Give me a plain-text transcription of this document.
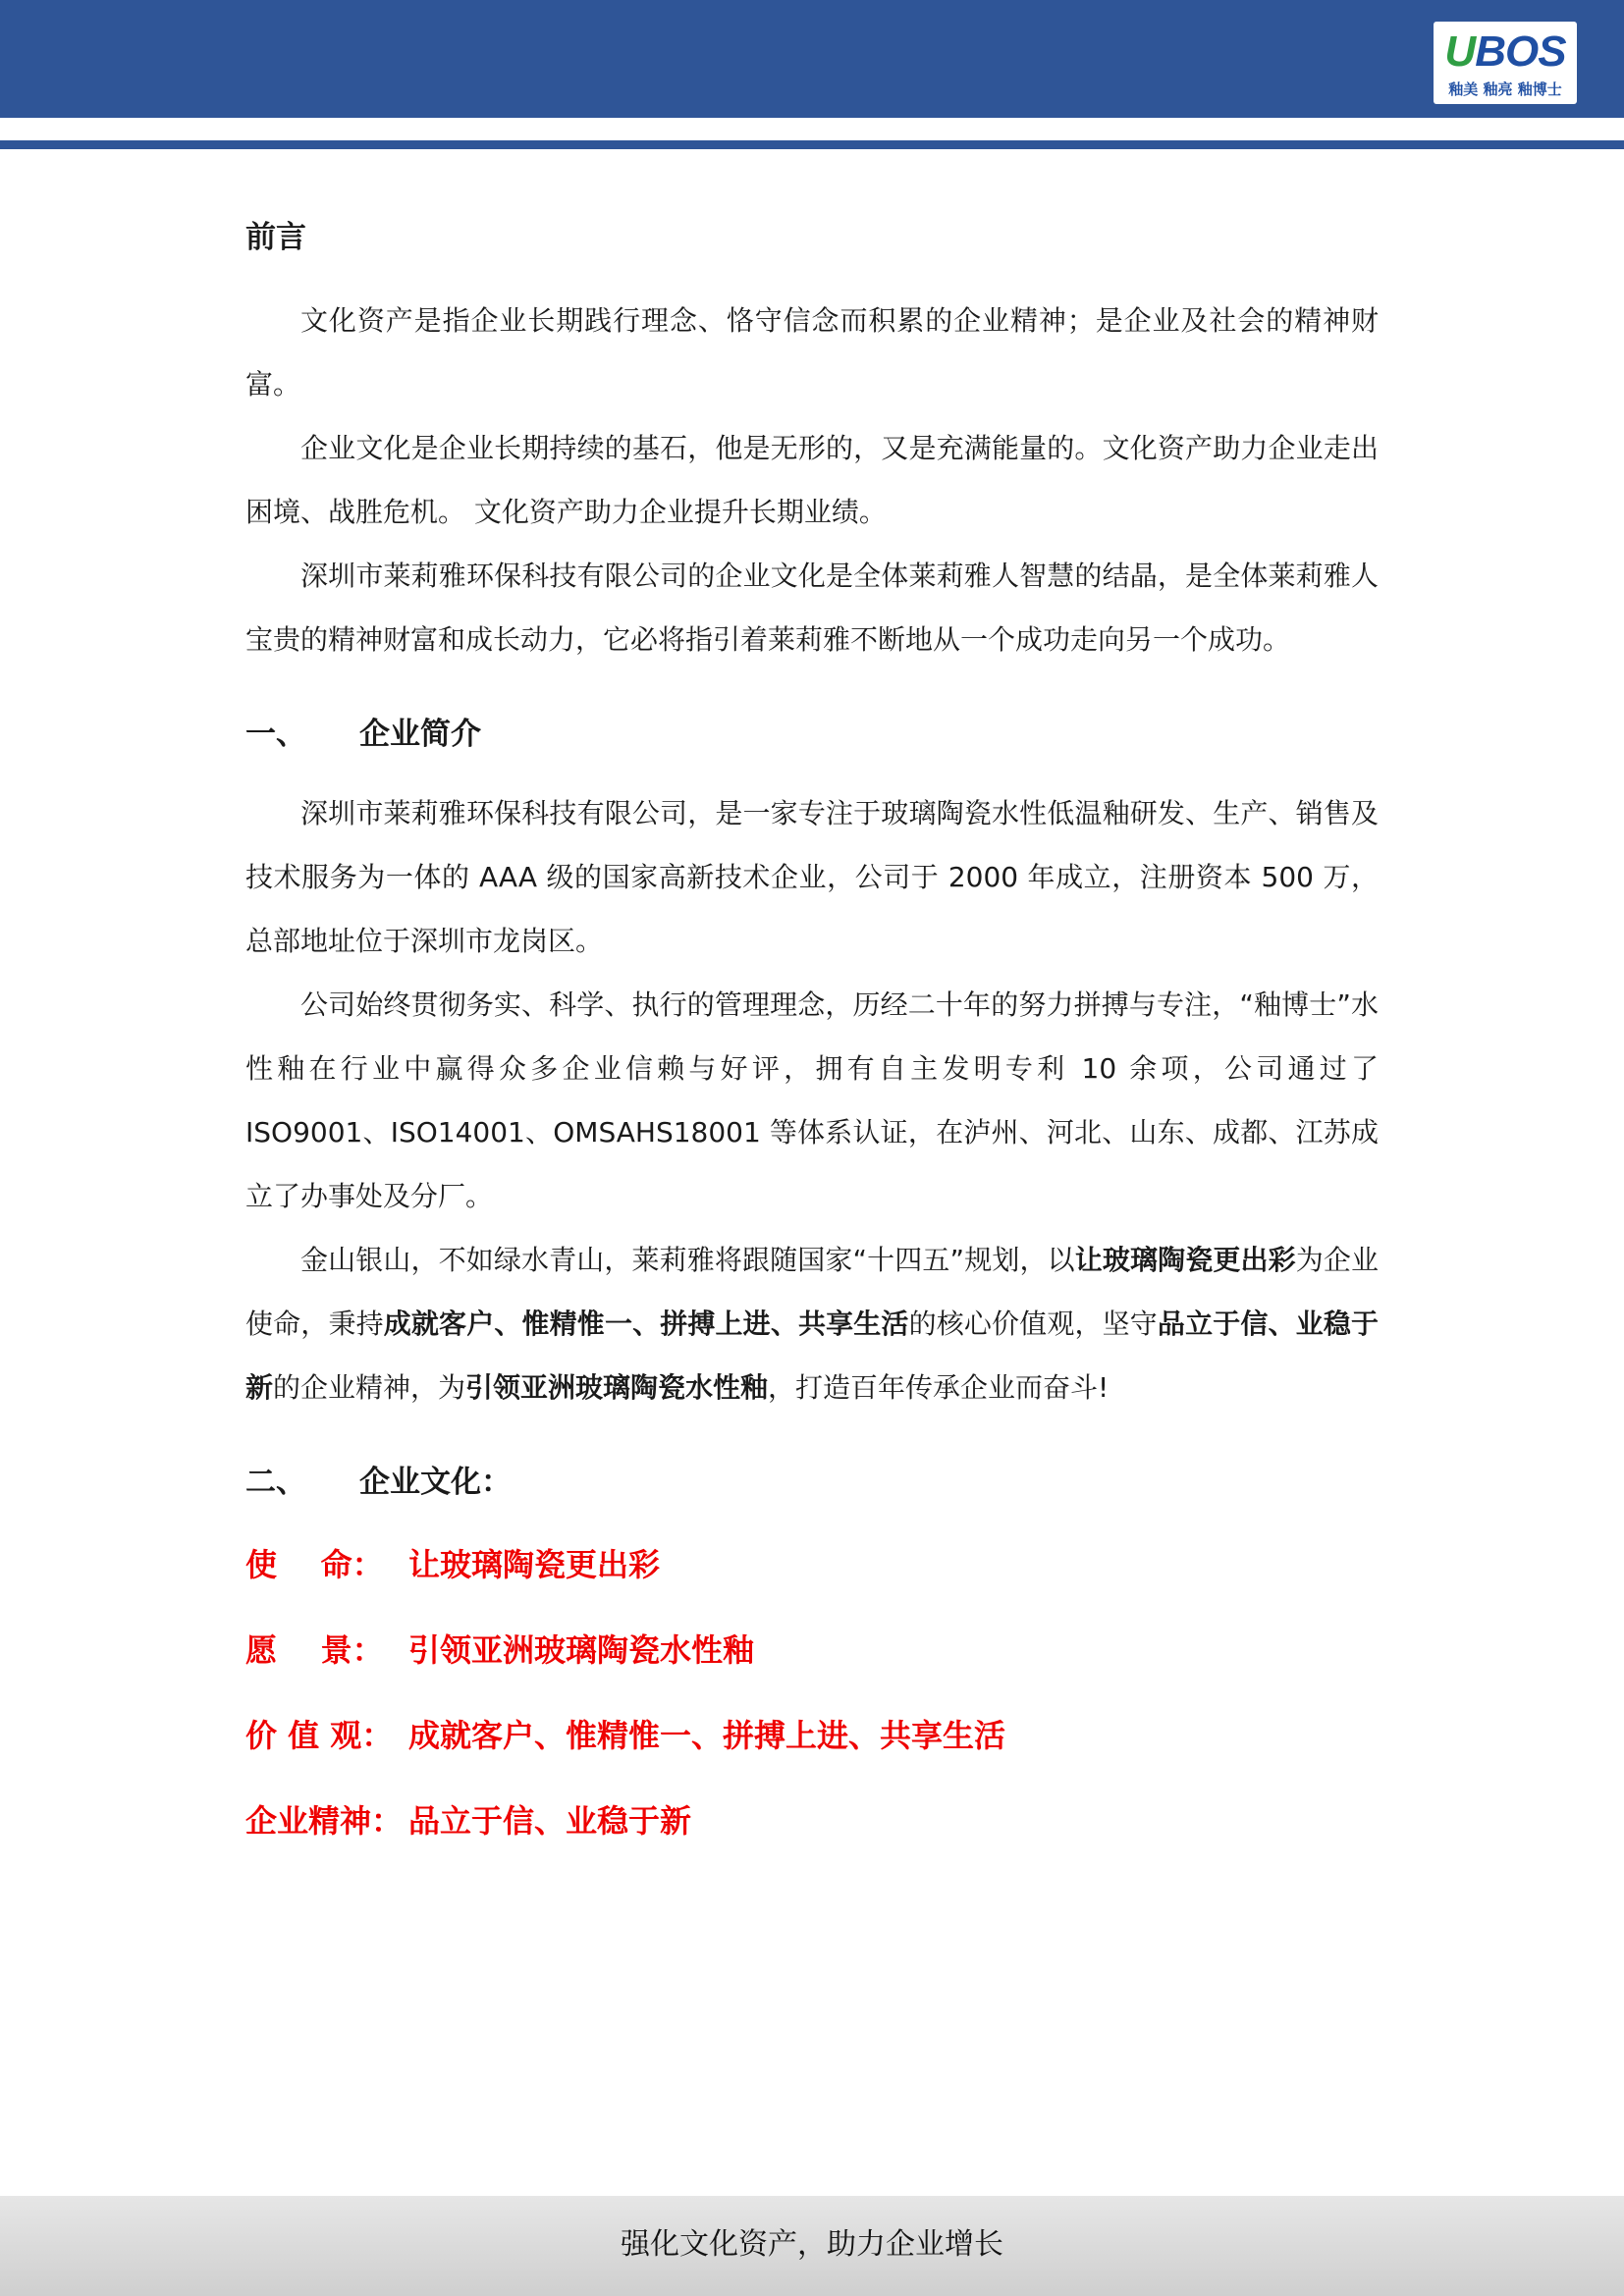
UBOS
釉美 釉亮 釉博士

前言

文化资产是指企业长期践行理念、恪守信念而积累的企业精神；是企业及社会的精神财富。

企业文化是企业长期持续的基石，他是无形的，又是充满能量的。文化资产助力企业走出困境、战胜危机。 文化资产助力企业提升长期业绩。

深圳市莱莉雅环保科技有限公司的企业文化是全体莱莉雅人智慧的结晶，是全体莱莉雅人宝贵的精神财富和成长动力，它必将指引着莱莉雅不断地从一个成功走向另一个成功。

一、	企业简介

深圳市莱莉雅环保科技有限公司，是一家专注于玻璃陶瓷水性低温釉研发、生产、销售及技术服务为一体的 AAA 级的国家高新技术企业，公司于 2000 年成立，注册资本 500 万，总部地址位于深圳市龙岗区。

公司始终贯彻务实、科学、执行的管理理念，历经二十年的努力拼搏与专注，“釉博士”水性釉在行业中赢得众多企业信赖与好评，拥有自主发明专利 10 余项，公司通过了 ISO9001、ISO14001、OMSAHS18001 等体系认证，在泸州、河北、山东、成都、江苏成立了办事处及分厂。

金山银山，不如绿水青山，莱莉雅将跟随国家“十四五”规划，以让玻璃陶瓷更出彩为企业使命，秉持成就客户、惟精惟一、拼搏上进、共享生活的核心价值观，坚守品立于信、业稳于新的企业精神，为引领亚洲玻璃陶瓷水性釉，打造百年传承企业而奋斗!

二、	企业文化：

使    命： 让玻璃陶瓷更出彩

愿    景： 引领亚洲玻璃陶瓷水性釉

价 值 观： 成就客户、惟精惟一、拼搏上进、共享生活

企业精神： 品立于信、业稳于新

强化文化资产，助力企业增长
